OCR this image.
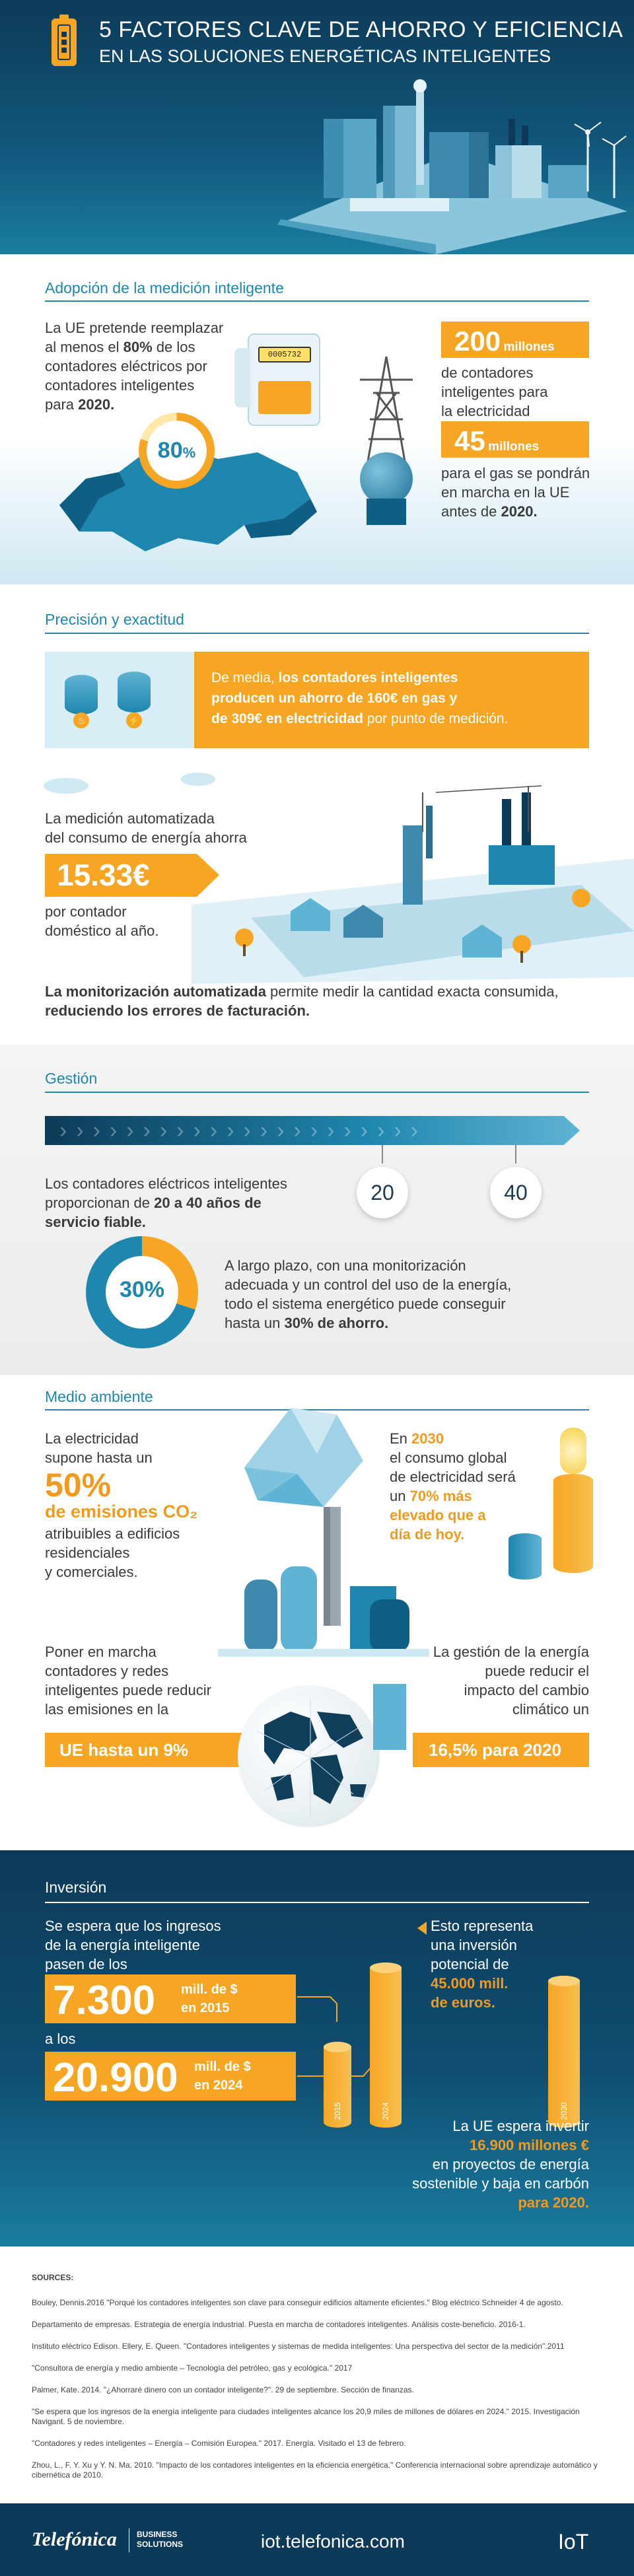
5 FACTORES CLAVE DE AHORRO Y EFICIENCIA
EN LAS SOLUCIONES ENERGÉTICAS INTELIGENTES
Adopción de la medición inteligente
La UE pretende reemplazar
al menos el 80% de los
contadores eléctricos por
contadores inteligentes
para 2020.
0005732
80%
200 millones
de contadores
inteligentes para
la electricidad
45 millones
para el gas se pondrán
en marcha en la UE
antes de 2020.
Precisión y exactitud
♨	⚡
De media, los contadores inteligentes
producen un ahorro de 160€ en gas y
de 309€ en electricidad por punto de medición.
La medición automatizada
del consumo de energía ahorra
15.33€
por contador
doméstico al año.
La monitorización automatizada permite medir la cantidad exacta consumida,
reduciendo los errores de facturación.
Gestión
››››››››››››››››››››››
Los contadores eléctricos inteligentes
proporcionan de 20 a 40 años de
servicio fiable.
20	40
30%
A largo plazo, con una monitorización
adecuada y un control del uso de la energía,
todo el sistema energético puede conseguir
hasta un 30% de ahorro.
Medio ambiente
La electricidad
supone hasta un
50%
de emisiones CO₂
atribuibles a edificios
residenciales
y comerciales.
En 2030
el consumo global
de electricidad será
un 70% más
elevado que a
día de hoy.
Poner en marcha
contadores y redes
inteligentes puede reducir
las emisiones en la
La gestión de la energía
puede reducir el
impacto del cambio
climático un
UE hasta un 9%	16,5% para 2020
Inversión
Se espera que los ingresos
de la energía inteligente
pasen de los
7.300 mill. de $
en 2015
a los
20.900 mill. de $
en 2024
2015	2024	2030
Esto representa
una inversión
potencial de
45.000 mill.
de euros.
La UE espera invertir
16.900 millones €
en proyectos de energía
sostenible y baja en carbón
para 2020.
SOURCES:
Bouley, Dennis.2016 "Porqué los contadores inteligentes son clave para conseguir edificios altamente eficientes." Blog eléctrico Schneider 4 de agosto.
Departamento de empresas. Estrategia de energía industrial. Puesta en marcha de contadores inteligentes. Análisis coste-beneficio. 2016-1.
Instituto eléctrico Edison. Ellery, E. Queen. "Contadores inteligentes y sistemas de medida inteligentes: Una perspectiva del sector de la medición".2011
"Consultora de energía y medio ambiente – Tecnología del petróleo, gas y ecológica." 2017
Palmer, Kate. 2014. "¿Ahorraré dinero con un contador inteligente?". 29 de septiembre. Sección de finanzas.
"Se espera que los ingresos de la energía inteligente para ciudades inteligentes alcance los 20,9 miles de millones de dólares en 2024." 2015. Investigación Navigant. 5 de noviembre.
"Contadores y redes inteligentes – Energía – Comisión Europea." 2017. Energía. Visitado el 13 de febrero.
Zhou, L., F. Y. Xu y Y. N. Ma. 2010. "Impacto de los contadores inteligentes en la eficiencia energética." Conferencia internacional sobre aprendizaje automático y cibernética de 2010.
Telefónica	BUSINESS
SOLUTIONS	iot.telefonica.com	IoT
